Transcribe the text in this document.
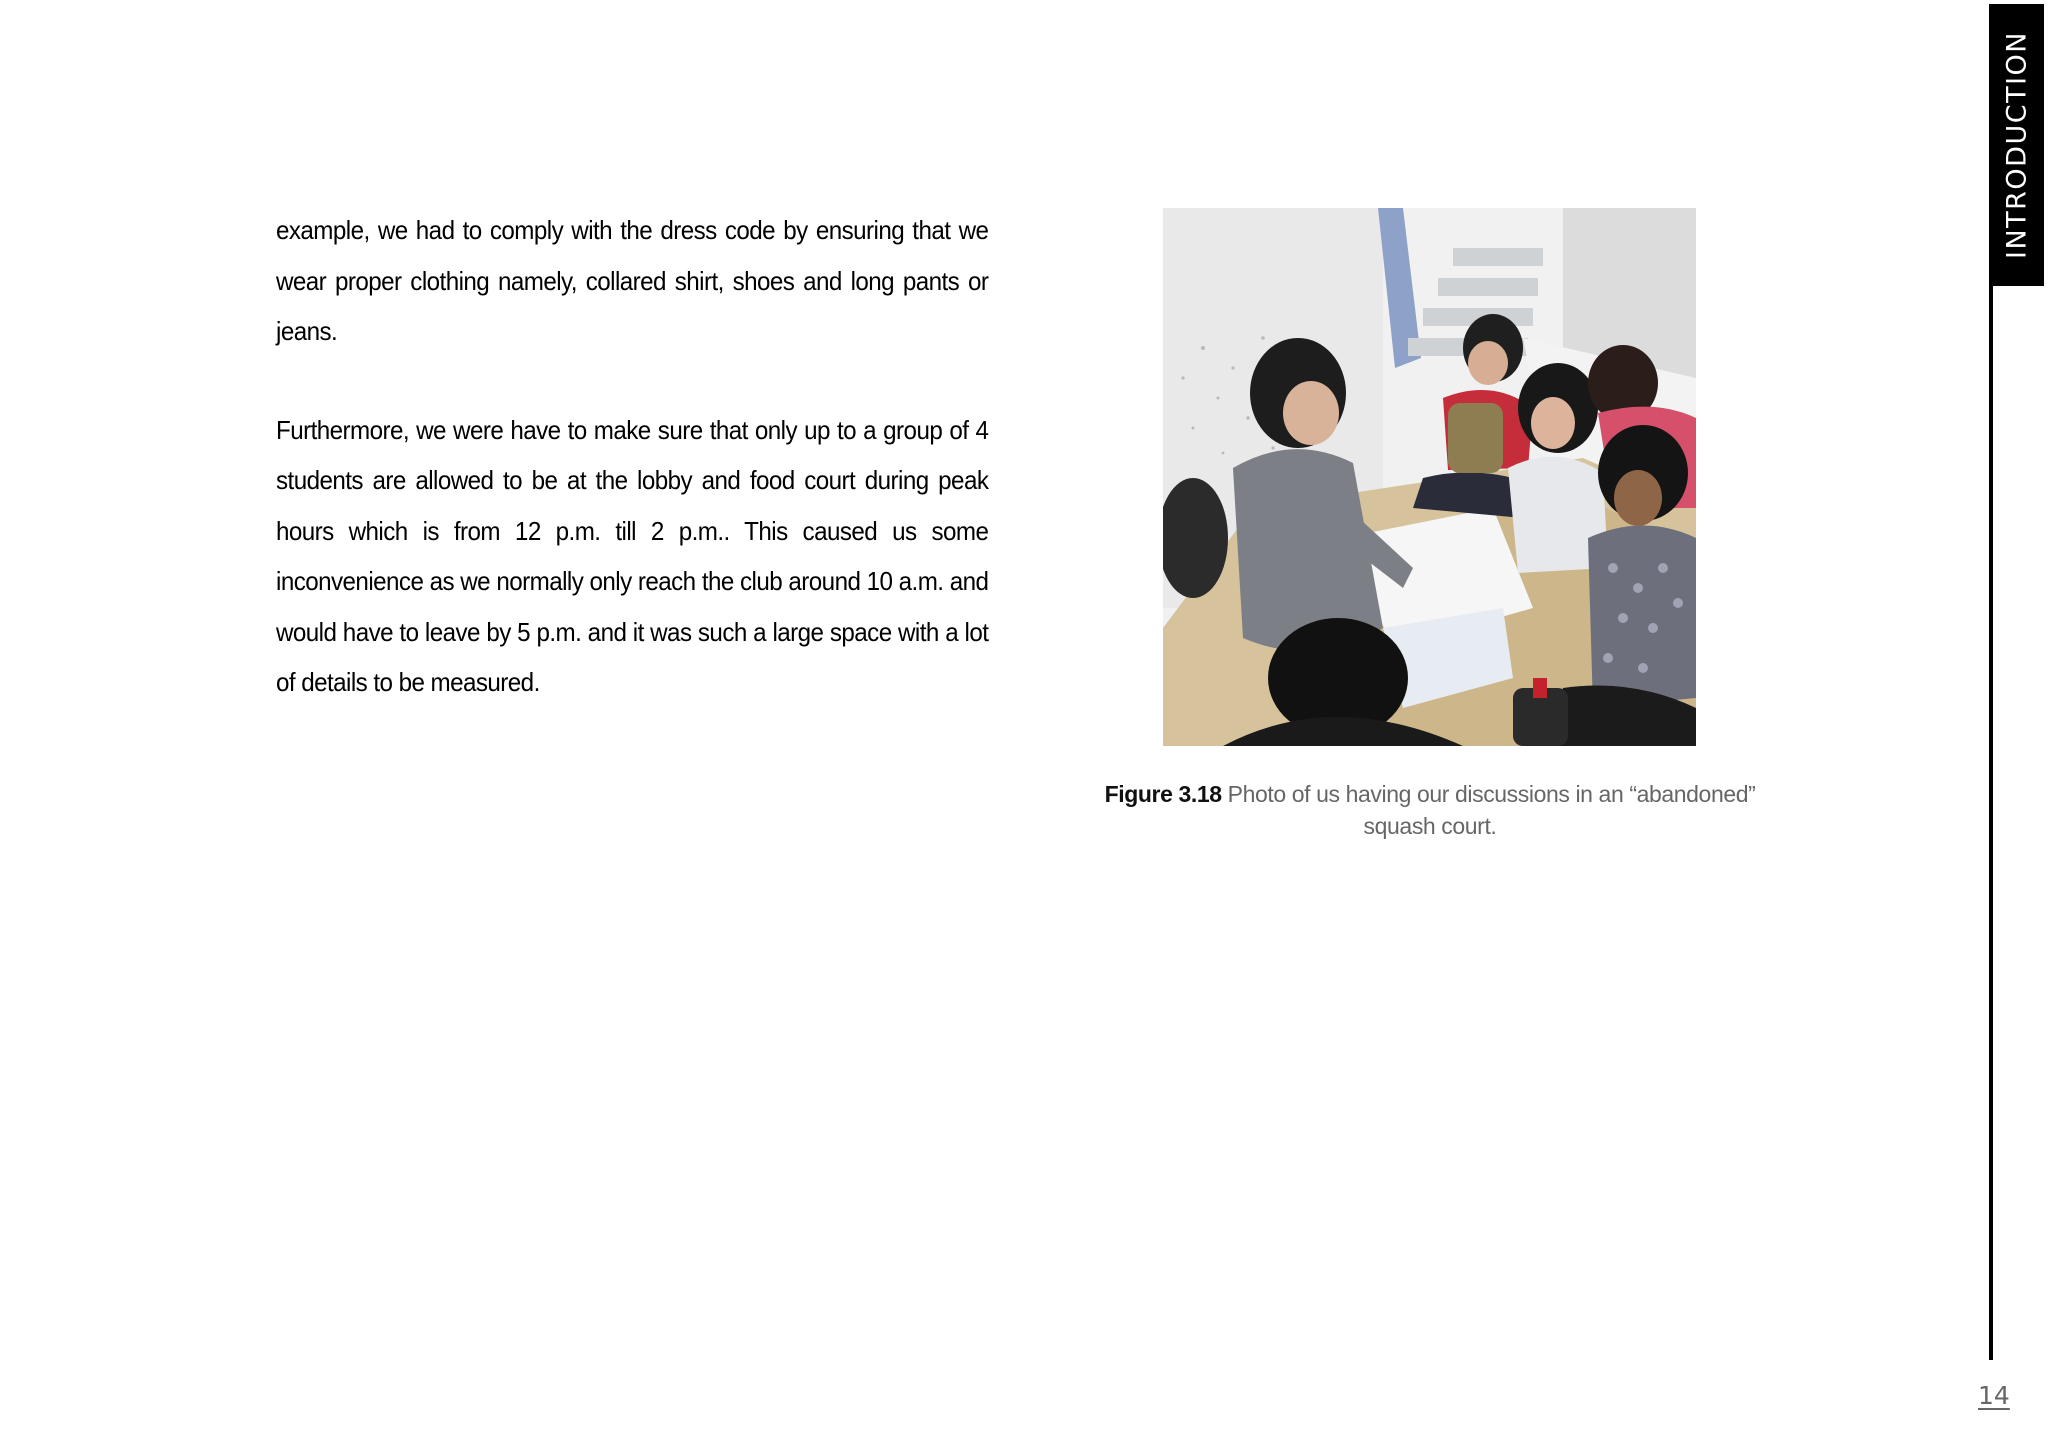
example, we had to comply with the dress code by ensuring that we wear proper clothing namely, collared shirt, shoes and long pants or jeans.

Furthermore, we were have to make sure that only up to a group of 4 students are allowed to be at the lobby and food court during peak hours which is from 12 p.m. till 2 p.m.. This caused us some inconvenience as we normally only reach the club around 10 a.m. and would have to leave by 5 p.m. and it was such a large space with a lot of details to be measured.

Figure 3.18 Photo of us having our discussions in an “abandoned”
squash court.
INTRODUCTION
14
